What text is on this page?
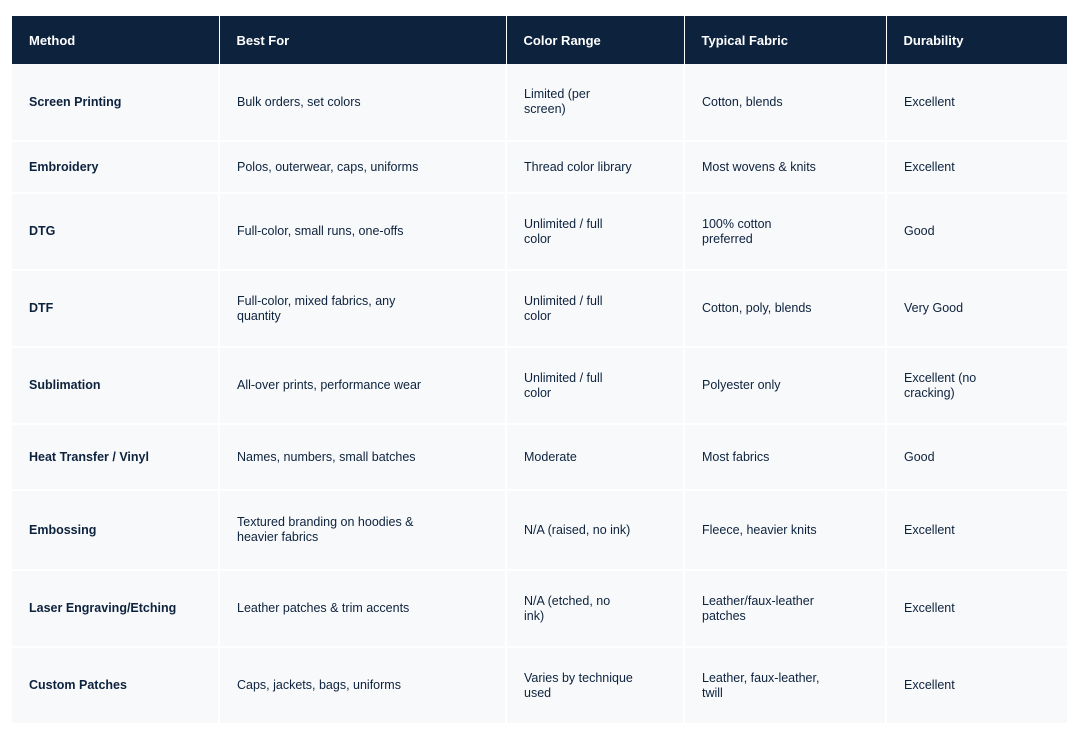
Method	Best For	Color Range	Typical Fabric	Durability
Screen Printing	Bulk orders, set colors	Limited (per screen)	Cotton, blends	Excellent
Embroidery	Polos, outerwear, caps, uniforms	Thread color library	Most wovens & knits	Excellent
DTG	Full-color, small runs, one-offs	Unlimited / full color	100% cotton preferred	Good
DTF	Full-color, mixed fabrics, any quantity	Unlimited / full color	Cotton, poly, blends	Very Good
Sublimation	All-over prints, performance wear	Unlimited / full color	Polyester only	Excellent (no cracking)
Heat Transfer / Vinyl	Names, numbers, small batches	Moderate	Most fabrics	Good
Embossing	Textured branding on hoodies & heavier fabrics	N/A (raised, no ink)	Fleece, heavier knits	Excellent
Laser Engraving/Etching	Leather patches & trim accents	N/A (etched, no ink)	Leather/faux-leather patches	Excellent
Custom Patches	Caps, jackets, bags, uniforms	Varies by technique used	Leather, faux-leather, twill	Excellent
